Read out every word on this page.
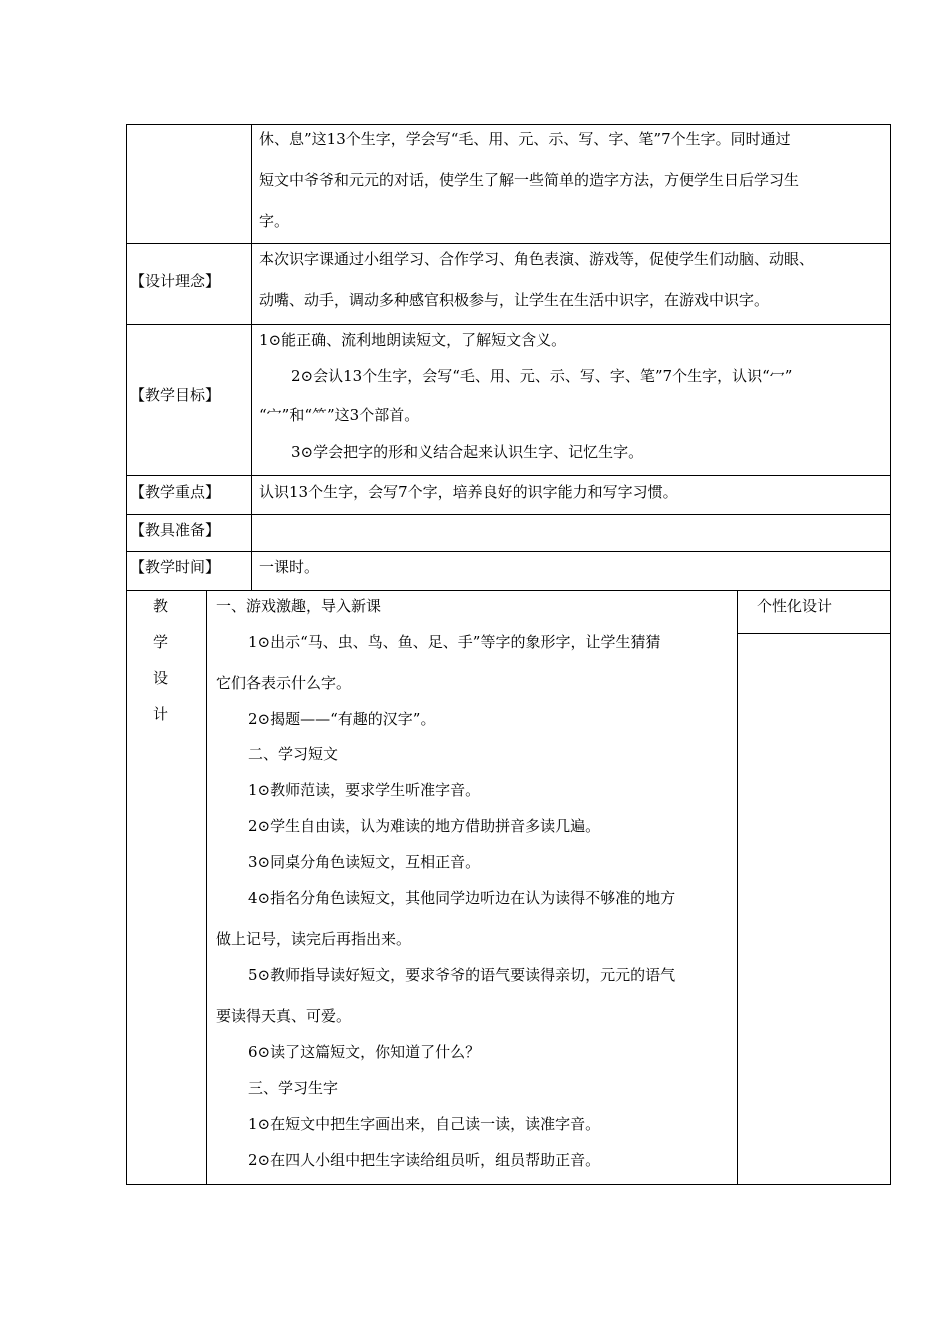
休、息”这13个生字，学会写“毛、用、元、示、写、字、笔”7个生字。同时通过
短文中爷爷和元元的对话，使学生了解一些简单的造字方法，方便学生日后学习生
字。
【设计理念】
本次识字课通过小组学习、合作学习、角色表演、游戏等，促使学生们动脑、动眼、
动嘴、动手，调动多种感官积极参与，让学生在生活中识字，在游戏中识字。
【教学目标】
1⊙能正确、流利地朗读短文，了解短文含义。
2⊙会认13个生字，会写“毛、用、元、示、写、字、笔”7个生字，认识“冖”
“宀”和“⺮”这3个部首。
3⊙学会把字的形和义结合起来认识生字、记忆生字。
【教学重点】	认识13个生字，会写7个字，培养良好的识字能力和写字习惯。
【教具准备】
【教学时间】	一课时。
教
学
设
计
个性化设计
一、游戏激趣，导入新课
1⊙出示“马、虫、鸟、鱼、足、手”等字的象形字，让学生猜猜
它们各表示什么字。
2⊙揭题——“有趣的汉字”。
二、学习短文
1⊙教师范读，要求学生听准字音。
2⊙学生自由读，认为难读的地方借助拼音多读几遍。
3⊙同桌分角色读短文，互相正音。
4⊙指名分角色读短文，其他同学边听边在认为读得不够准的地方
做上记号，读完后再指出来。
5⊙教师指导读好短文，要求爷爷的语气要读得亲切，元元的语气
要读得天真、可爱。
6⊙读了这篇短文，你知道了什么？
三、学习生字
1⊙在短文中把生字画出来，自己读一读，读准字音。
2⊙在四人小组中把生字读给组员听，组员帮助正音。
